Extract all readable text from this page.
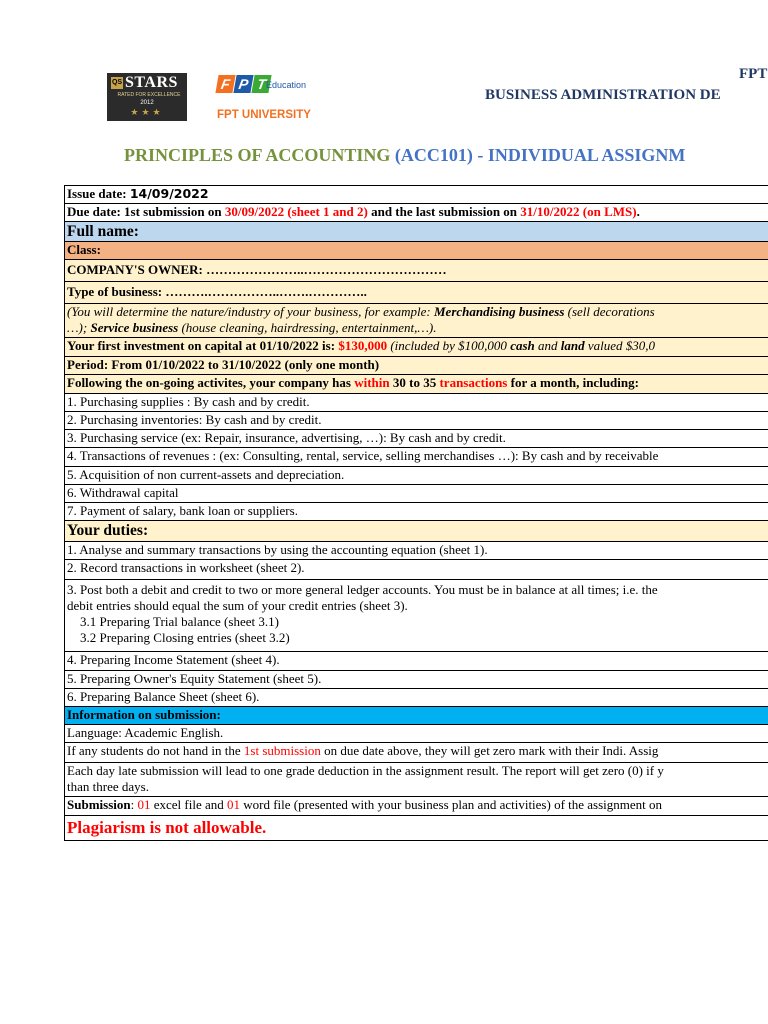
QS STARS
RATED FOR EXCELLENCE
2012
★★★
F P T
Education
FPT UNIVERSITY
FPT
BUSINESS ADMINISTRATION DE
PRINCIPLES OF ACCOUNTING (ACC101) - INDIVIDUAL ASSIGNM
Issue date: 14/09/2022
Due date: 1st submission on 30/09/2022 (sheet 1 and 2) and the last submission on 31/10/2022 (on LMS).
Full name:
Class:
COMPANY'S OWNER: …………………..……………………………
Type of business: ……….……………..…….…………..
(You will determine the nature/industry of your business, for example: Merchandising business (sell decorations
…); Service business (house cleaning, hairdressing, entertainment,…).
Your first investment on capital at 01/10/2022 is: $130,000 (included by $100,000 cash and land valued $30,0
Period: From 01/10/2022 to 31/10/2022 (only one month)
Following the on-going activites, your company has within 30 to 35 transactions for a month, including:
1. Purchasing supplies : By cash and by credit.
2. Purchasing inventories: By cash and by credit.
3. Purchasing service (ex: Repair, insurance, advertising, …): By cash and by credit.
4. Transactions of revenues : (ex: Consulting, rental, service, selling merchandises …): By cash and by receivable
5. Acquisition of non current-assets and depreciation.
6. Withdrawal capital
7. Payment of salary, bank loan or suppliers.
Your duties:
1. Analyse and summary transactions by using the accounting equation (sheet 1).
2. Record transactions in worksheet (sheet 2).
3. Post both a debit and credit to two or more general ledger accounts. You must be in balance at all times; i.e. the
debit entries should equal the sum of your credit entries (sheet 3).
3.1 Preparing Trial balance (sheet 3.1)
3.2 Preparing Closing entries (sheet 3.2)
4. Preparing Income Statement (sheet 4).
5. Preparing Owner's Equity Statement (sheet 5).
6. Preparing Balance Sheet (sheet 6).
Information on submission:
Language: Academic English.
If any students do not hand in the 1st submission on due date above, they will get zero mark with their Indi. Assig
Each day late submission will lead to one grade deduction in the assignment result. The report will get zero (0) if y
than three days.
Submission: 01 excel file and 01 word file (presented with your business plan and activities) of the assignment on
Plagiarism is not allowable.
